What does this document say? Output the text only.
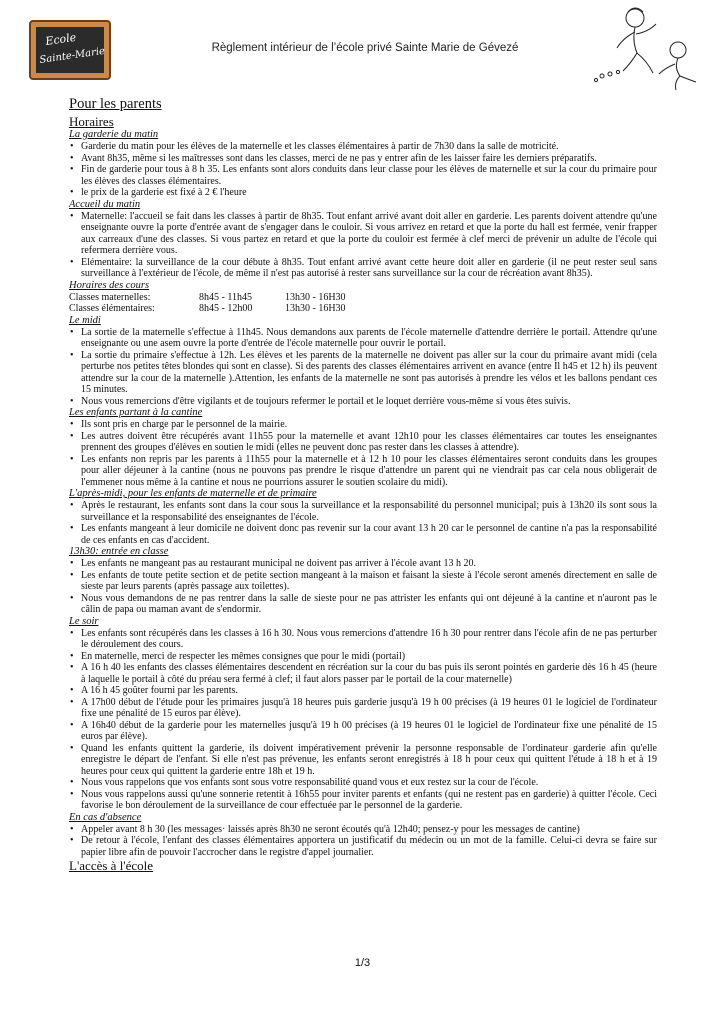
Ecole
Sainte-Marie	Règlement intérieur de l’école privé Sainte Marie de Gévezé
Pour les parents
Horaires
La garderie du matin
• Garderie du matin pour les élèves de la maternelle et les classes élémentaires à partir de 7h30 dans la salle de motricité.
• Avant 8h35, même si les maîtresses sont dans les classes, merci de ne pas y entrer afin de les laisser faire les derniers préparatifs.
• Fin de garderie pour tous à 8 h 35. Les enfants sont alors conduits dans leur classe pour les élèves de maternelle et sur la cour du primaire pour les élèves des classes élémentaires.
• le prix de la garderie est fixé à 2 € l'heure
Accueil du matin
• Maternelle: l'accueil se fait dans les classes à partir de 8h35. Tout enfant arrivé avant doit aller en garderie. Les parents doivent attendre qu'une enseignante ouvre la porte d'entrée avant de s'engager dans le couloir. Si vous arrivez en retard et que la porte du hall est fermée, venir frapper aux carreaux d'une des classes. Si vous partez en retard et que la porte du couloir est fermée à clef merci de prévenir un adulte de l'école qui refermera derrière vous.
• Elémentaire: la surveillance de la cour débute à 8h35. Tout enfant arrivé avant cette heure doit aller en garderie (il ne peut rester seul sans surveillance à l'extérieur de l'école, de même il n'est pas autorisé à rester sans surveillance sur la cour de récréation avant 8h35).
Horaires des cours
Classes maternelles:	8h45 - 11h45	13h30 - 16H30
Classes élémentaires:	8h45 - 12h00	13h30 - 16H30
Le midi
• La sortie de la maternelle s'effectue à 11h45. Nous demandons aux parents de l'école maternelle d'attendre derrière le portail. Attendre qu'une enseignante ou une asem ouvre la porte d'entrée de l'école maternelle pour ouvrir le portail.
• La sortie du primaire s'effectue à 12h. Les élèves et les parents de la maternelle ne doivent pas aller sur la cour du primaire avant midi (cela perturbe nos petites têtes blondes qui sont en classe). Si des parents des classes élémentaires arrivent en avance (entre Il h45 et 12 h) ils peuvent attendre sur la cour de la maternelle ).Attention, les enfants de la maternelle ne sont pas autorisés à prendre les vélos et les ballons pendant ces 15 minutes.
• Nous vous remercions d'être vigilants et de toujours refermer le portail et le loquet derrière vous-même si vous êtes suivis.
Les enfants partant à la cantine
• Ils sont pris en charge par le personnel de la mairie.
• Les autres doivent être récupérés avant 11h55 pour la maternelle et avant 12h10 pour les classes élémentaires car toutes les enseignantes prennent des groupes d'élèves en soutien le midi (elles ne peuvent donc pas rester dans les classes à attendre).
• Les enfants non repris par les parents à 11h55 pour la maternelle et à 12 h 10 pour les classes élémentaires seront conduits dans les groupes pour aller déjeuner à la cantine (nous ne pouvons pas prendre le risque d'attendre un parent qui ne viendrait pas car cela nous obligerait de l'emmener nous même à la cantine et nous ne pourrions assurer le soutien scolaire du midi).
L'après-midi, pour les enfants de maternelle et de primaire
• Après le restaurant, les enfants sont dans la cour sous la surveillance et la responsabilité du personnel municipal; puis à 13h20 ils sont sous la surveillance et la responsabilité des enseignantes de l'école.
• Les enfants mangeant à leur domicile ne doivent donc pas revenir sur la cour avant 13 h 20 car le personnel de cantine n'a pas la responsabilité de ces enfants en cas d'accident.
13h30: entrée en classe
• Les enfants ne mangeant pas au restaurant municipal ne doivent pas arriver à l'école avant 13 h 20.
• Les enfants de toute petite section et de petite section mangeant à la maison et faisant la sieste à l'école seront amenés directement en salle de sieste par leurs parents (après passage aux toilettes).
• Nous vous demandons de ne pas rentrer dans la salle de sieste pour ne pas attrister les enfants qui ont déjeuné à la cantine et n'auront pas le câlin de papa ou maman avant de s'endormir.
Le soir
• Les enfants sont récupérés dans les classes à 16 h 30. Nous vous remercions d'attendre 16 h 30 pour rentrer dans l'école afin de ne pas perturber le déroulement des cours.
• En maternelle, merci de respecter les mêmes consignes que pour le midi (portail)
• A 16 h 40 les enfants des classes élémentaires descendent en récréation sur la cour du bas puis ils seront pointés en garderie dès 16 h 45 (heure à laquelle le portail à côté du préau sera fermé à clef; il faut alors passer par le portail de la cour maternelle)
• A 16 h 45 goûter fourni par les parents.
• A 17h00 début de l'étude pour les primaires jusqu'à 18 heures puis garderie jusqu'à 19 h 00 précises (à 19 heures 01 le logiciel de l'ordinateur fixe une pénalité de 15 euros par élève).
• A 16h40 début de la garderie pour les maternelles jusqu'à 19 h 00 précises (à 19 heures 01 le logiciel de l'ordinateur fixe une pénalité de 15 euros par élève).
• Quand les enfants quittent la garderie, ils doivent impérativement prévenir la personne responsable de l'ordinateur garderie afin qu'elle enregistre le départ de l'enfant. Si elle n'est pas prévenue, les enfants seront enregistrés à 18 h pour ceux qui quittent l'étude à 18 h et à 19 heures pour ceux qui quittent la garderie entre 18h et 19 h.
• Nous vous rappelons que vos enfants sont sous votre responsabilité quand vous et eux restez sur la cour de l'école.
• Nous vous rappelons aussi qu'une sonnerie retentit à 16h55 pour inviter parents et enfants (qui ne restent pas en garderie) à quitter l'école. Ceci favorise le bon déroulement de la surveillance de cour effectuée par le personnel de la garderie.
En cas d'absence
• Appeler avant 8 h 30 (les messages· laissés après 8h30 ne seront écoutés qu'à 12h40; pensez-y pour les messages de cantine)
• De retour à l'école, l'enfant des classes élémentaires apportera un justificatif du médecin ou un mot de la famille. Celui-ci devra se faire sur papier libre afin de pouvoir l'accrocher dans le registre d'appel journalier.
L'accès à l'école
1/3
